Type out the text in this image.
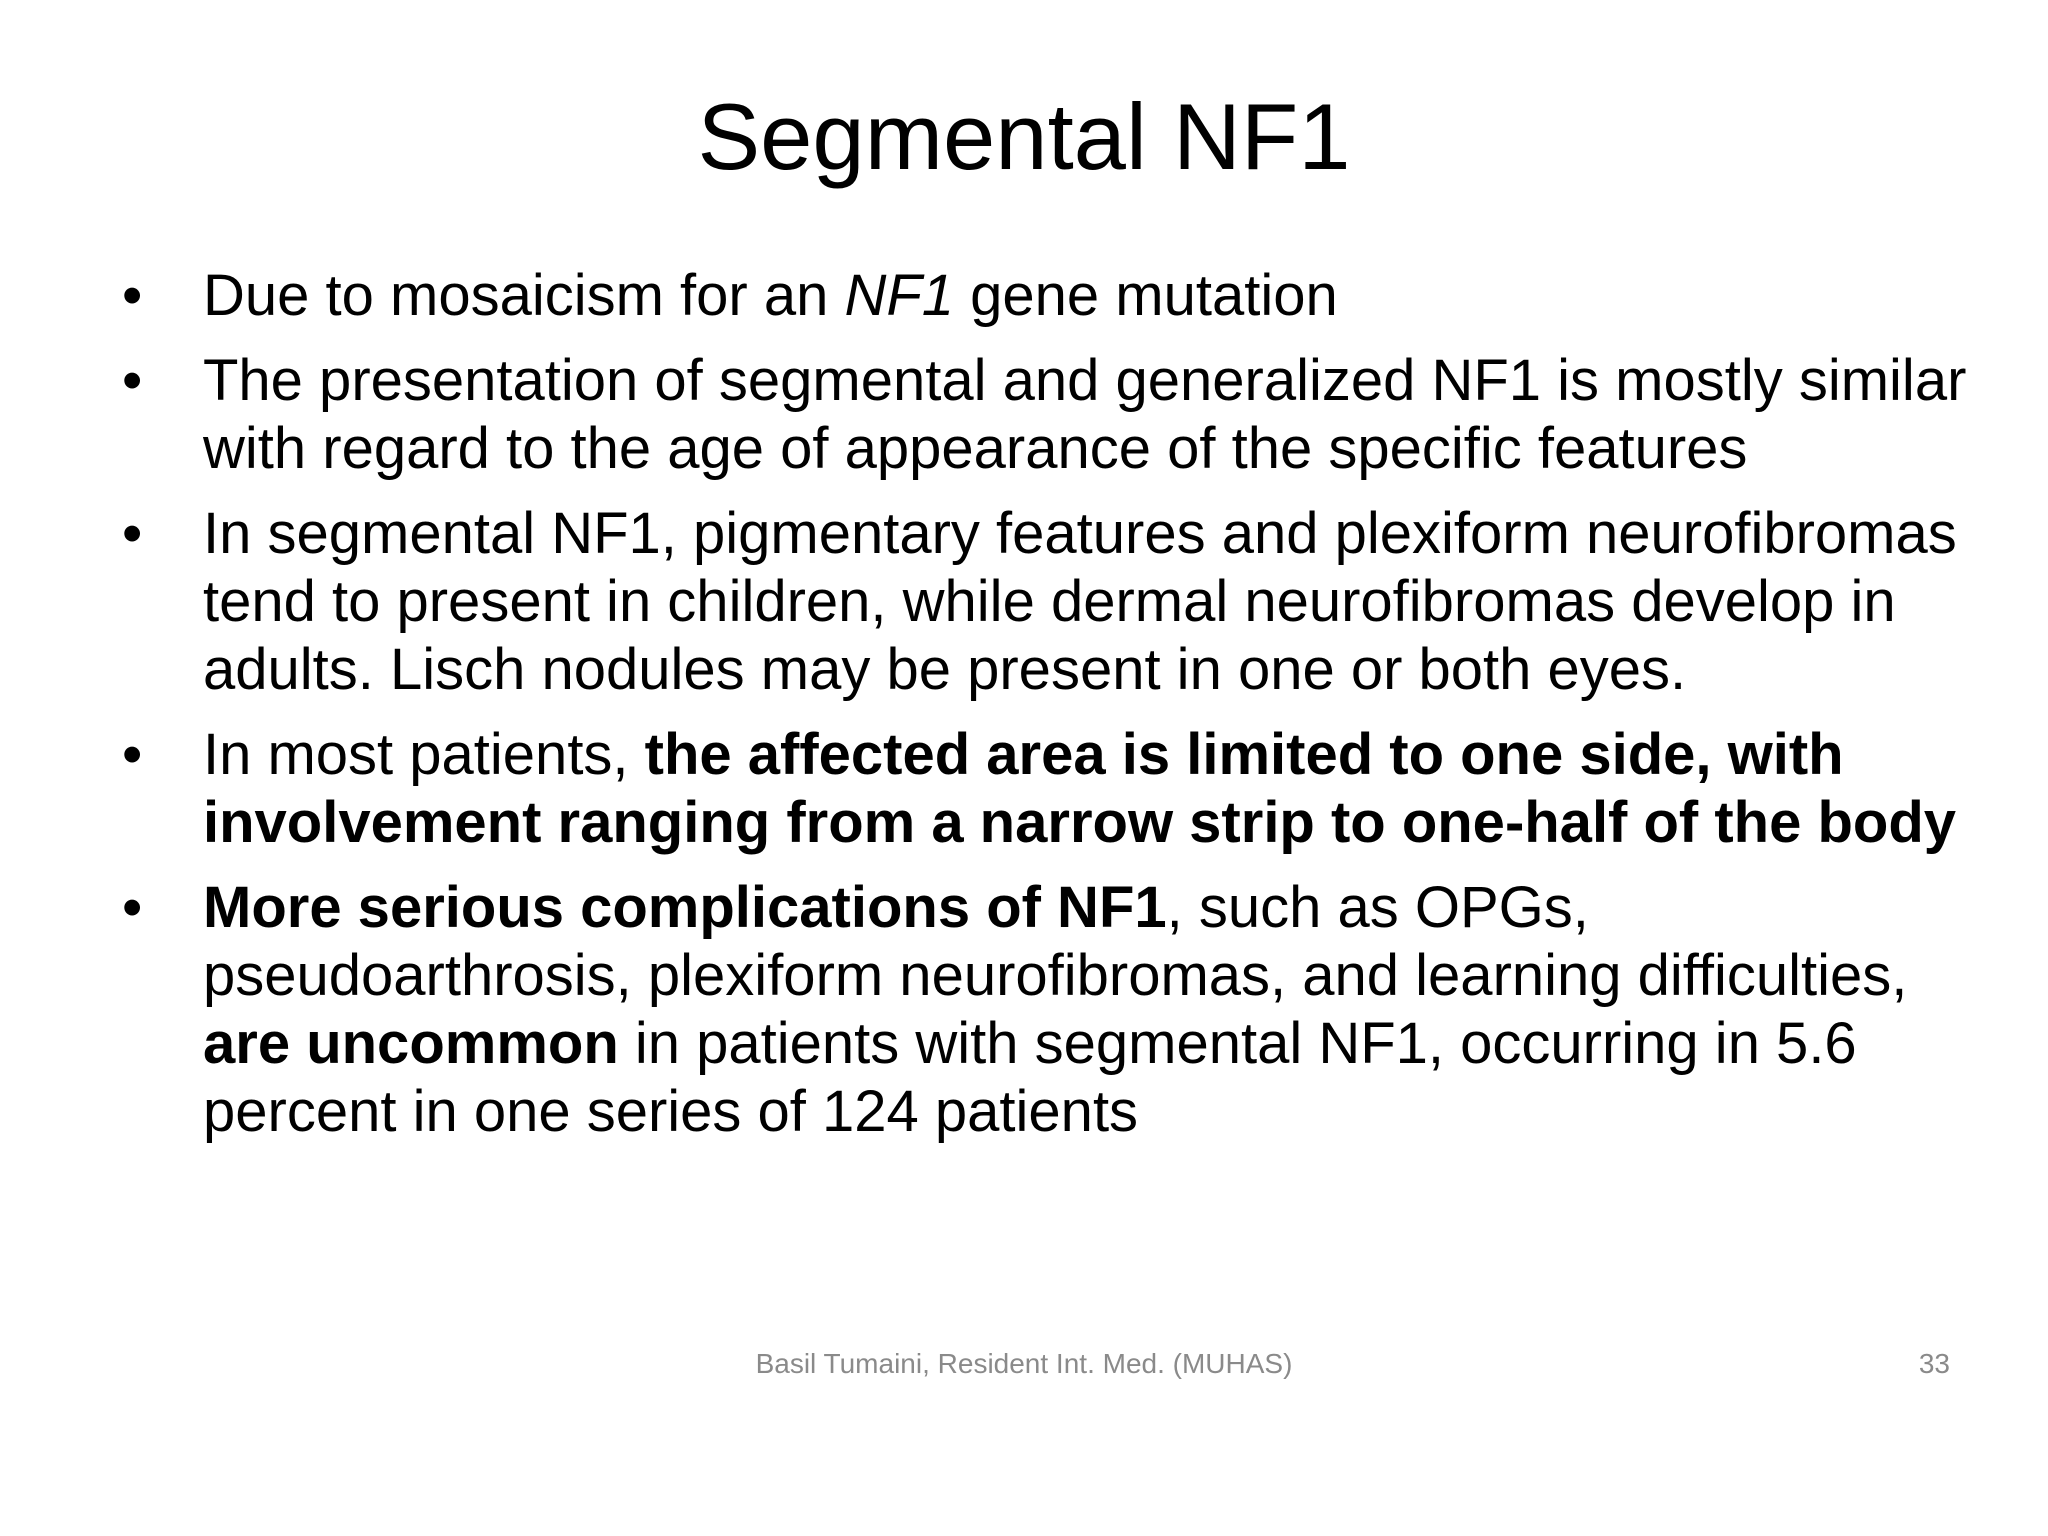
Segmental NF1
•	Due to mosaicism for an NF1 gene mutation
•	The presentation of segmental and generalized NF1 is mostly similar with regard to the age of appearance of the specific features
•	In segmental NF1, pigmentary features and plexiform neurofibromas tend to present in children, while dermal neurofibromas develop in adults. Lisch nodules may be present in one or both eyes.
•	In most patients, the affected area is limited to one side, with involvement ranging from a narrow strip to one-half of the body
•	More serious complications of NF1, such as OPGs, pseudoarthrosis, plexiform neurofibromas, and learning difficulties, are uncommon in patients with segmental NF1, occurring in 5.6 percent in one series of 124 patients
Basil Tumaini, Resident Int. Med. (MUHAS)	33
